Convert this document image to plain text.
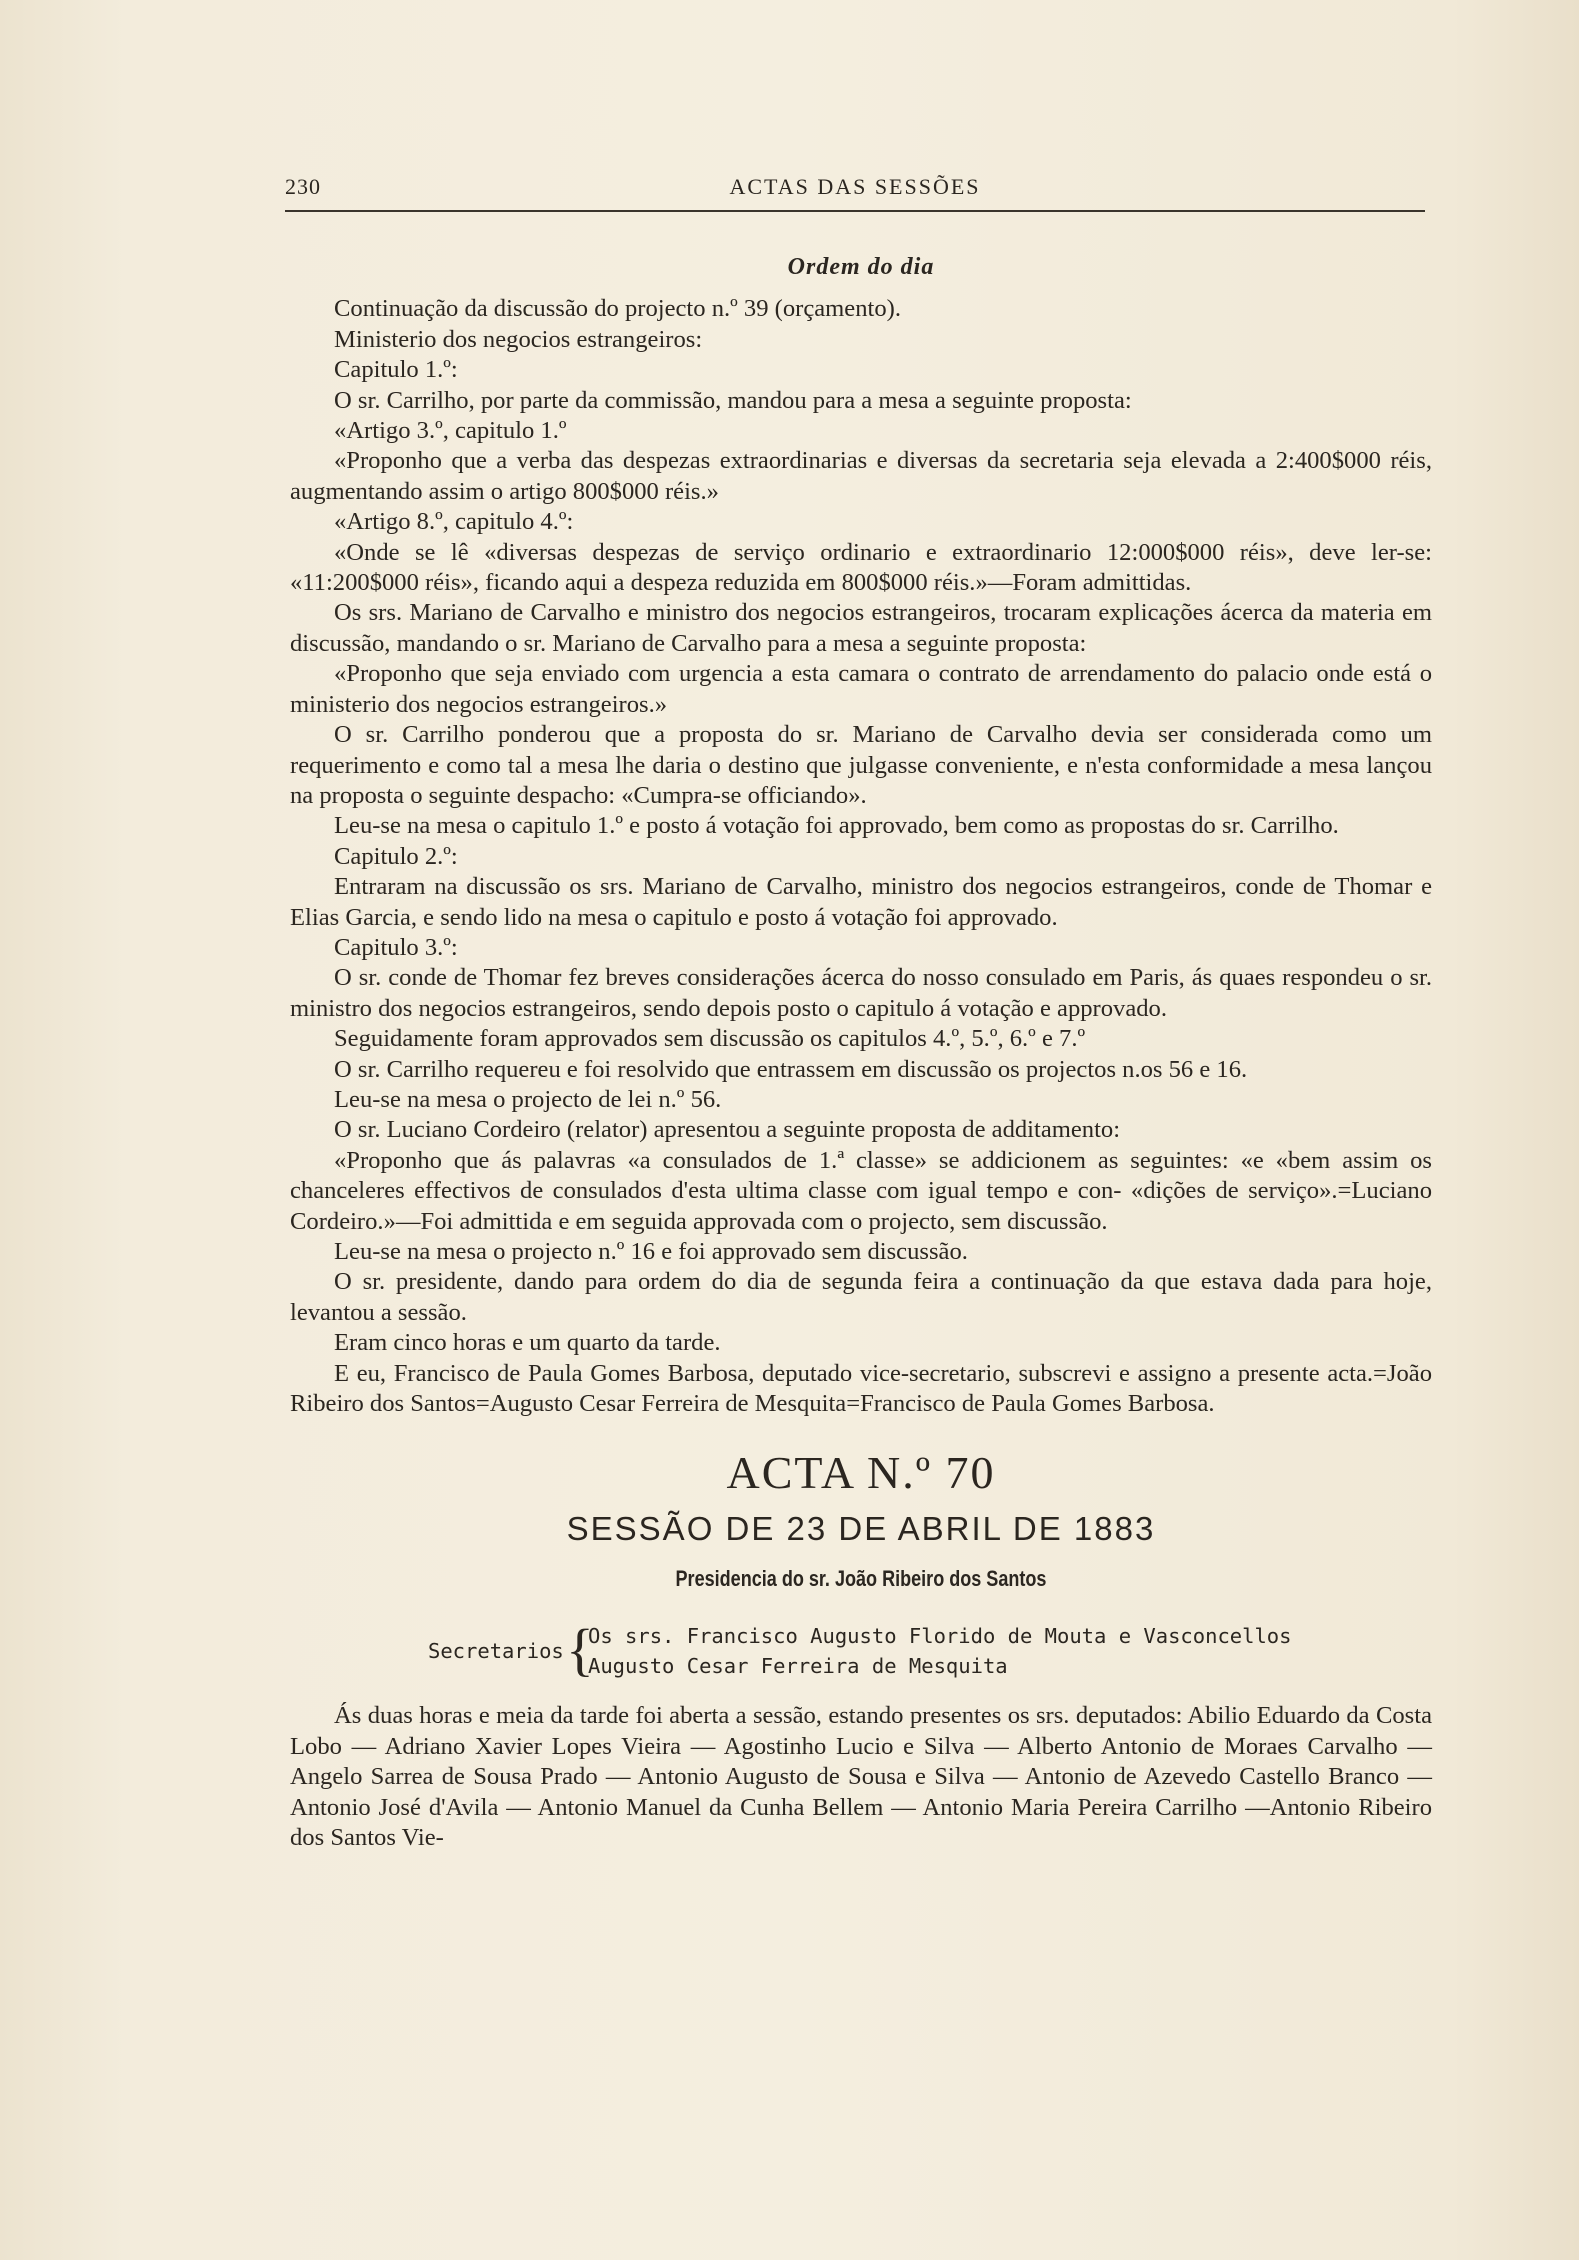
230	ACTAS DAS SESSÕES
Ordem do dia

Continuação da discussão do projecto n.º 39 (orçamento).

Ministerio dos negocios estrangeiros:

Capitulo 1.º:

O sr. Carrilho, por parte da commissão, mandou para a mesa a seguinte proposta:

«Artigo 3.º, capitulo 1.º

«Proponho que a verba das despezas extraordinarias e diversas da secretaria seja elevada a 2:400$000 réis, augmentando assim o artigo 800$000 réis.»

«Artigo 8.º, capitulo 4.º:

«Onde se lê «diversas despezas de serviço ordinario e extraordinario 12:000$000 réis», deve ler-se: «11:200$000 réis», ficando aqui a despeza reduzida em 800$000 réis.»—Foram admittidas.

Os srs. Mariano de Carvalho e ministro dos negocios estrangeiros, trocaram explicações ácerca da materia em discussão, mandando o sr. Mariano de Carvalho para a mesa a seguinte proposta:

«Proponho que seja enviado com urgencia a esta camara o contrato de arrendamento do palacio onde está o ministerio dos negocios estrangeiros.»

O sr. Carrilho ponderou que a proposta do sr. Mariano de Carvalho devia ser considerada como um requerimento e como tal a mesa lhe daria o destino que julgasse conveniente, e n'esta conformidade a mesa lançou na proposta o seguinte despacho: «Cumpra-se officiando».

Leu-se na mesa o capitulo 1.º e posto á votação foi approvado, bem como as propostas do sr. Carrilho.

Capitulo 2.º:

Entraram na discussão os srs. Mariano de Carvalho, ministro dos negocios estrangeiros, conde de Thomar e Elias Garcia, e sendo lido na mesa o capitulo e posto á votação foi approvado.

Capitulo 3.º:

O sr. conde de Thomar fez breves considerações ácerca do nosso consulado em Paris, ás quaes respondeu o sr. ministro dos negocios estrangeiros, sendo depois posto o capitulo á votação e approvado.

Seguidamente foram approvados sem discussão os capitulos 4.º, 5.º, 6.º e 7.º

O sr. Carrilho requereu e foi resolvido que entrassem em discussão os projectos n.os 56 e 16.

Leu-se na mesa o projecto de lei n.º 56.

O sr. Luciano Cordeiro (relator) apresentou a seguinte proposta de additamento:

«Proponho que ás palavras «a consulados de 1.ª classe» se addicionem as seguintes: «e «bem assim os chanceleres effectivos de consulados d'esta ultima classe com igual tempo e con- «dições de serviço».=Luciano Cordeiro.»—Foi admittida e em seguida approvada com o projecto, sem discussão.

Leu-se na mesa o projecto n.º 16 e foi approvado sem discussão.

O sr. presidente, dando para ordem do dia de segunda feira a continuação da que estava dada para hoje, levantou a sessão.

Eram cinco horas e um quarto da tarde.

E eu, Francisco de Paula Gomes Barbosa, deputado vice-secretario, subscrevi e assigno a presente acta.=João Ribeiro dos Santos=Augusto Cesar Ferreira de Mesquita=Francisco de Paula Gomes Barbosa.

ACTA N.º 70
SESSÃO DE 23 DE ABRIL DE 1883
Presidencia do sr. João Ribeiro dos Santos
Secretarios {
Os srs. Francisco Augusto Florido de Mouta e Vasconcellos
Augusto Cesar Ferreira de Mesquita

Ás duas horas e meia da tarde foi aberta a sessão, estando presentes os srs. deputados: Abilio Eduardo da Costa Lobo — Adriano Xavier Lopes Vieira — Agostinho Lucio e Silva — Alberto Antonio de Moraes Carvalho — Angelo Sarrea de Sousa Prado — Antonio Augusto de Sousa e Silva — Antonio de Azevedo Castello Branco — Antonio José d'Avila — Antonio Manuel da Cunha Bellem — Antonio Maria Pereira Carrilho —Antonio Ribeiro dos Santos Vie-
